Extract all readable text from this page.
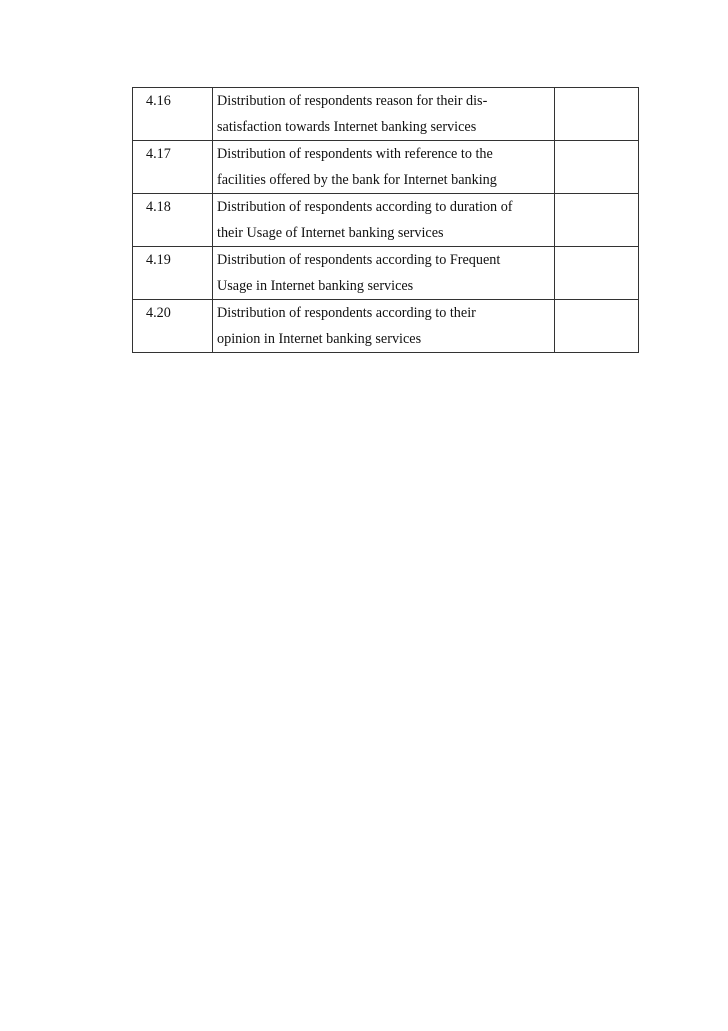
4.16	Distribution of respondents reason for their dis-
satisfaction towards Internet banking services	

4.17	Distribution of respondents with reference to the
facilities offered by the bank for Internet banking	

4.18	Distribution of respondents according to duration of
their Usage of Internet banking services	

4.19	Distribution of respondents according to Frequent
Usage in Internet banking services	

4.20	Distribution of respondents according to their
opinion in Internet banking services	
